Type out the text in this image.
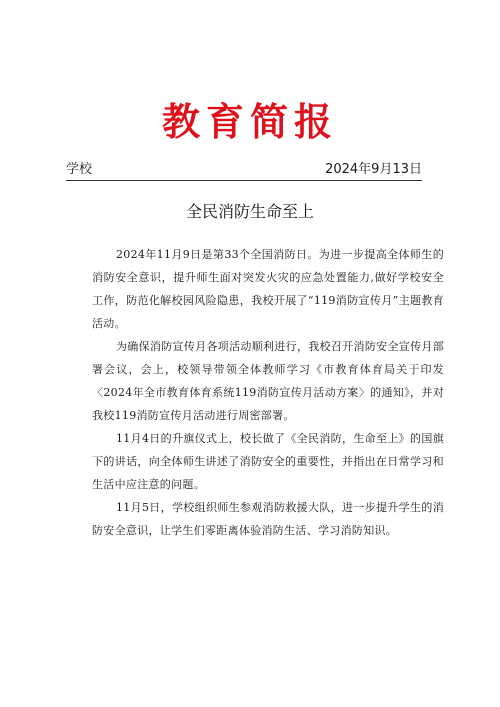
教育简报
学校	2024年9月13日
全民消防生命至上

2024年11月9日是第33个全国消防日。为进一步提高全体师生的消防安全意识，提升师生面对突发火灾的应急处置能力,做好学校安全工作，防范化解校园风险隐患，我校开展了“119消防宣传月”主题教育活动。

为确保消防宣传月各项活动顺利进行，我校召开消防安全宣传月部署会议，会上，校领导带领全体教师学习《市教育体育局关于印发〈2024年全市教育体育系统119消防宣传月活动方案〉的通知》，并对我校119消防宣传月活动进行周密部署。

11月4日的升旗仪式上，校长做了《全民消防，生命至上》的国旗下的讲话，向全体师生讲述了消防安全的重要性，并指出在日常学习和生活中应注意的问题。

11月5日，学校组织师生参观消防救援大队，进一步提升学生的消防安全意识，让学生们零距离体验消防生活、学习消防知识。
